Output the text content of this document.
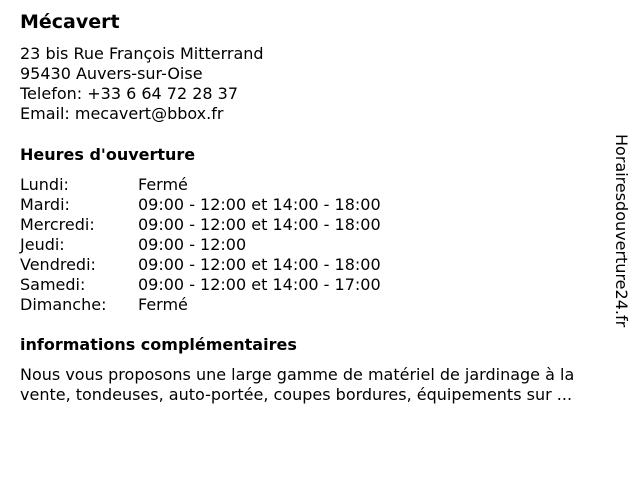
Mécavert
23 bis Rue François Mitterrand
95430 Auvers-sur-Oise
Telefon: +33 6 64 72 28 37
Email: mecavert@bbox.fr
Heures d'ouverture
Lundi:	Fermé
Mardi:	09:00 - 12:00 et 14:00 - 18:00
Mercredi:	09:00 - 12:00 et 14:00 - 18:00
Jeudi:	09:00 - 12:00
Vendredi:	09:00 - 12:00 et 14:00 - 18:00
Samedi:	09:00 - 12:00 et 14:00 - 17:00
Dimanche: Fermé
informations complémentaires
Nous vous proposons une large gamme de matériel de jardinage à la
vente, tondeuses, auto-portée, coupes bordures, équipements sur ...
Horairesdouverture24.fr
